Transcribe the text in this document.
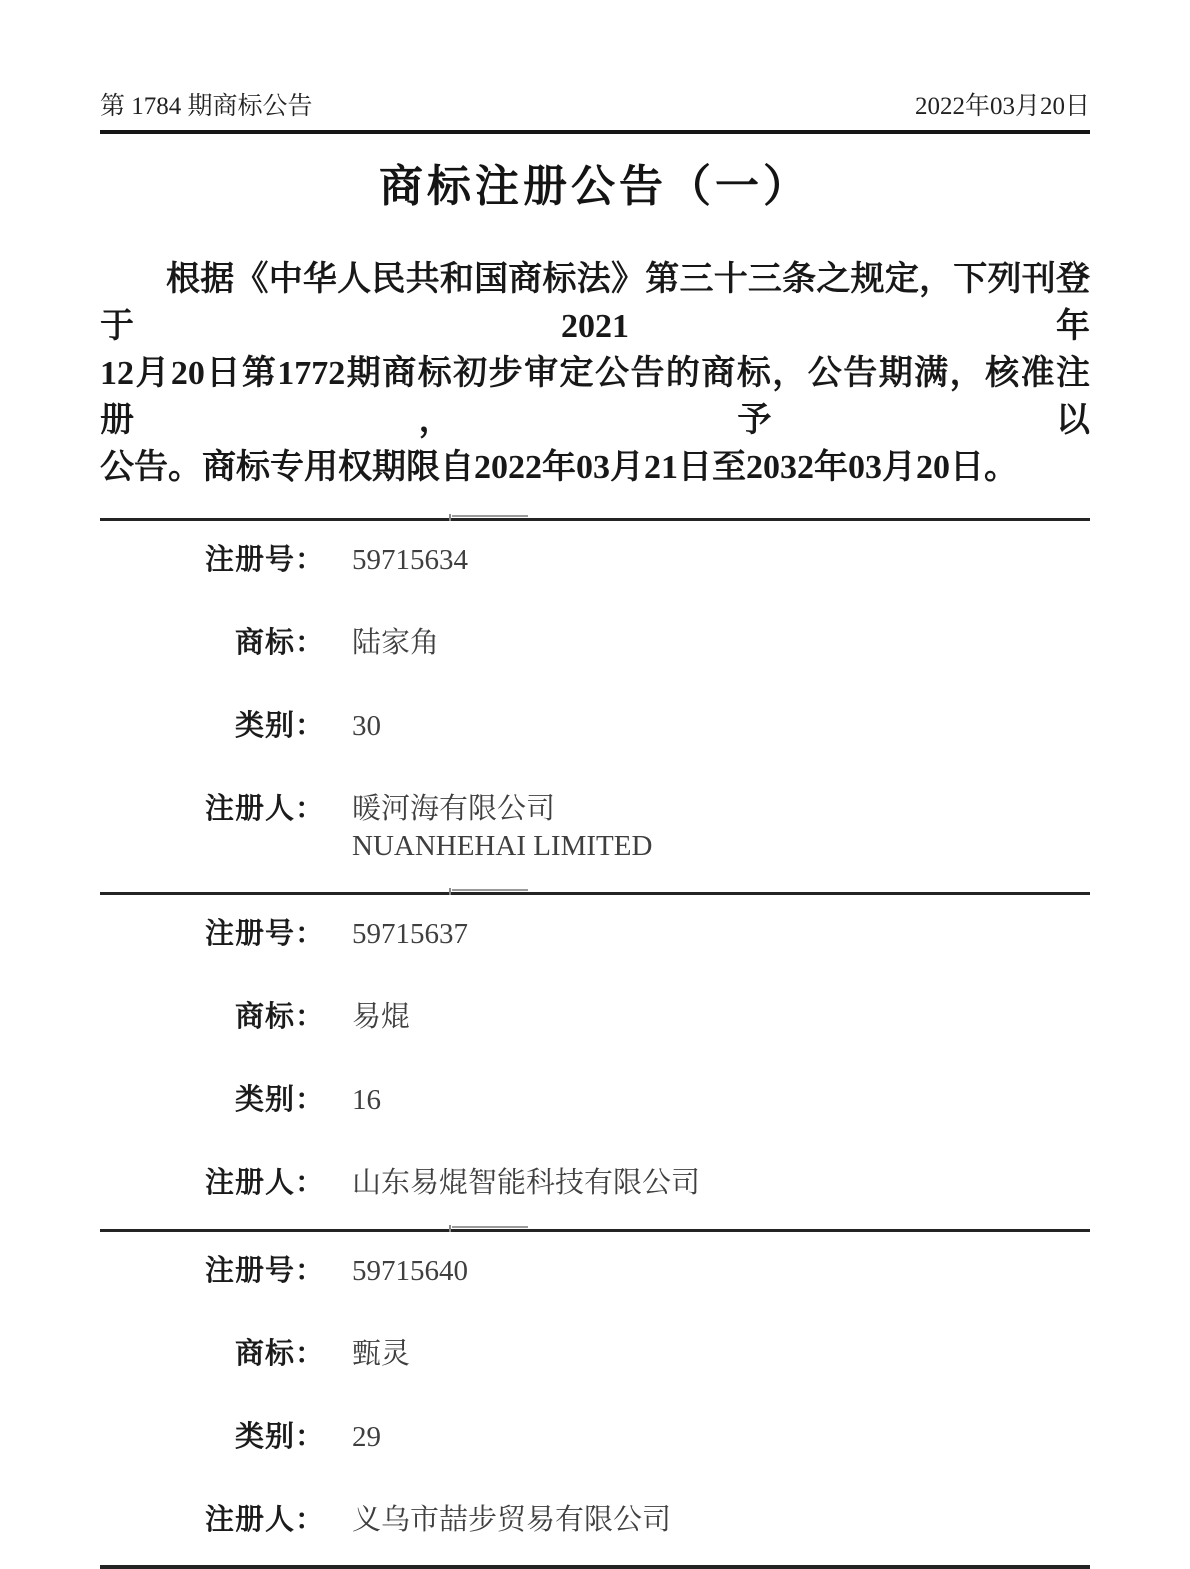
第 1784 期商标公告	2022年03月20日
商标注册公告（一）
根据《中华人民共和国商标法》第三十三条之规定，下列刊登于2021年
12月20日第1772期商标初步审定公告的商标，公告期满，核准注册，予以
公告。商标专用权期限自2022年03月21日至2032年03月20日。
注册号： 59715634
商标： 陆家角
类别： 30
注册人： 暖河海有限公司
NUANHEHAI LIMITED
注册号： 59715637
商标： 易焜
类别： 16
注册人： 山东易焜智能科技有限公司
注册号： 59715640
商标： 甄灵
类别： 29
注册人： 义乌市喆步贸易有限公司
